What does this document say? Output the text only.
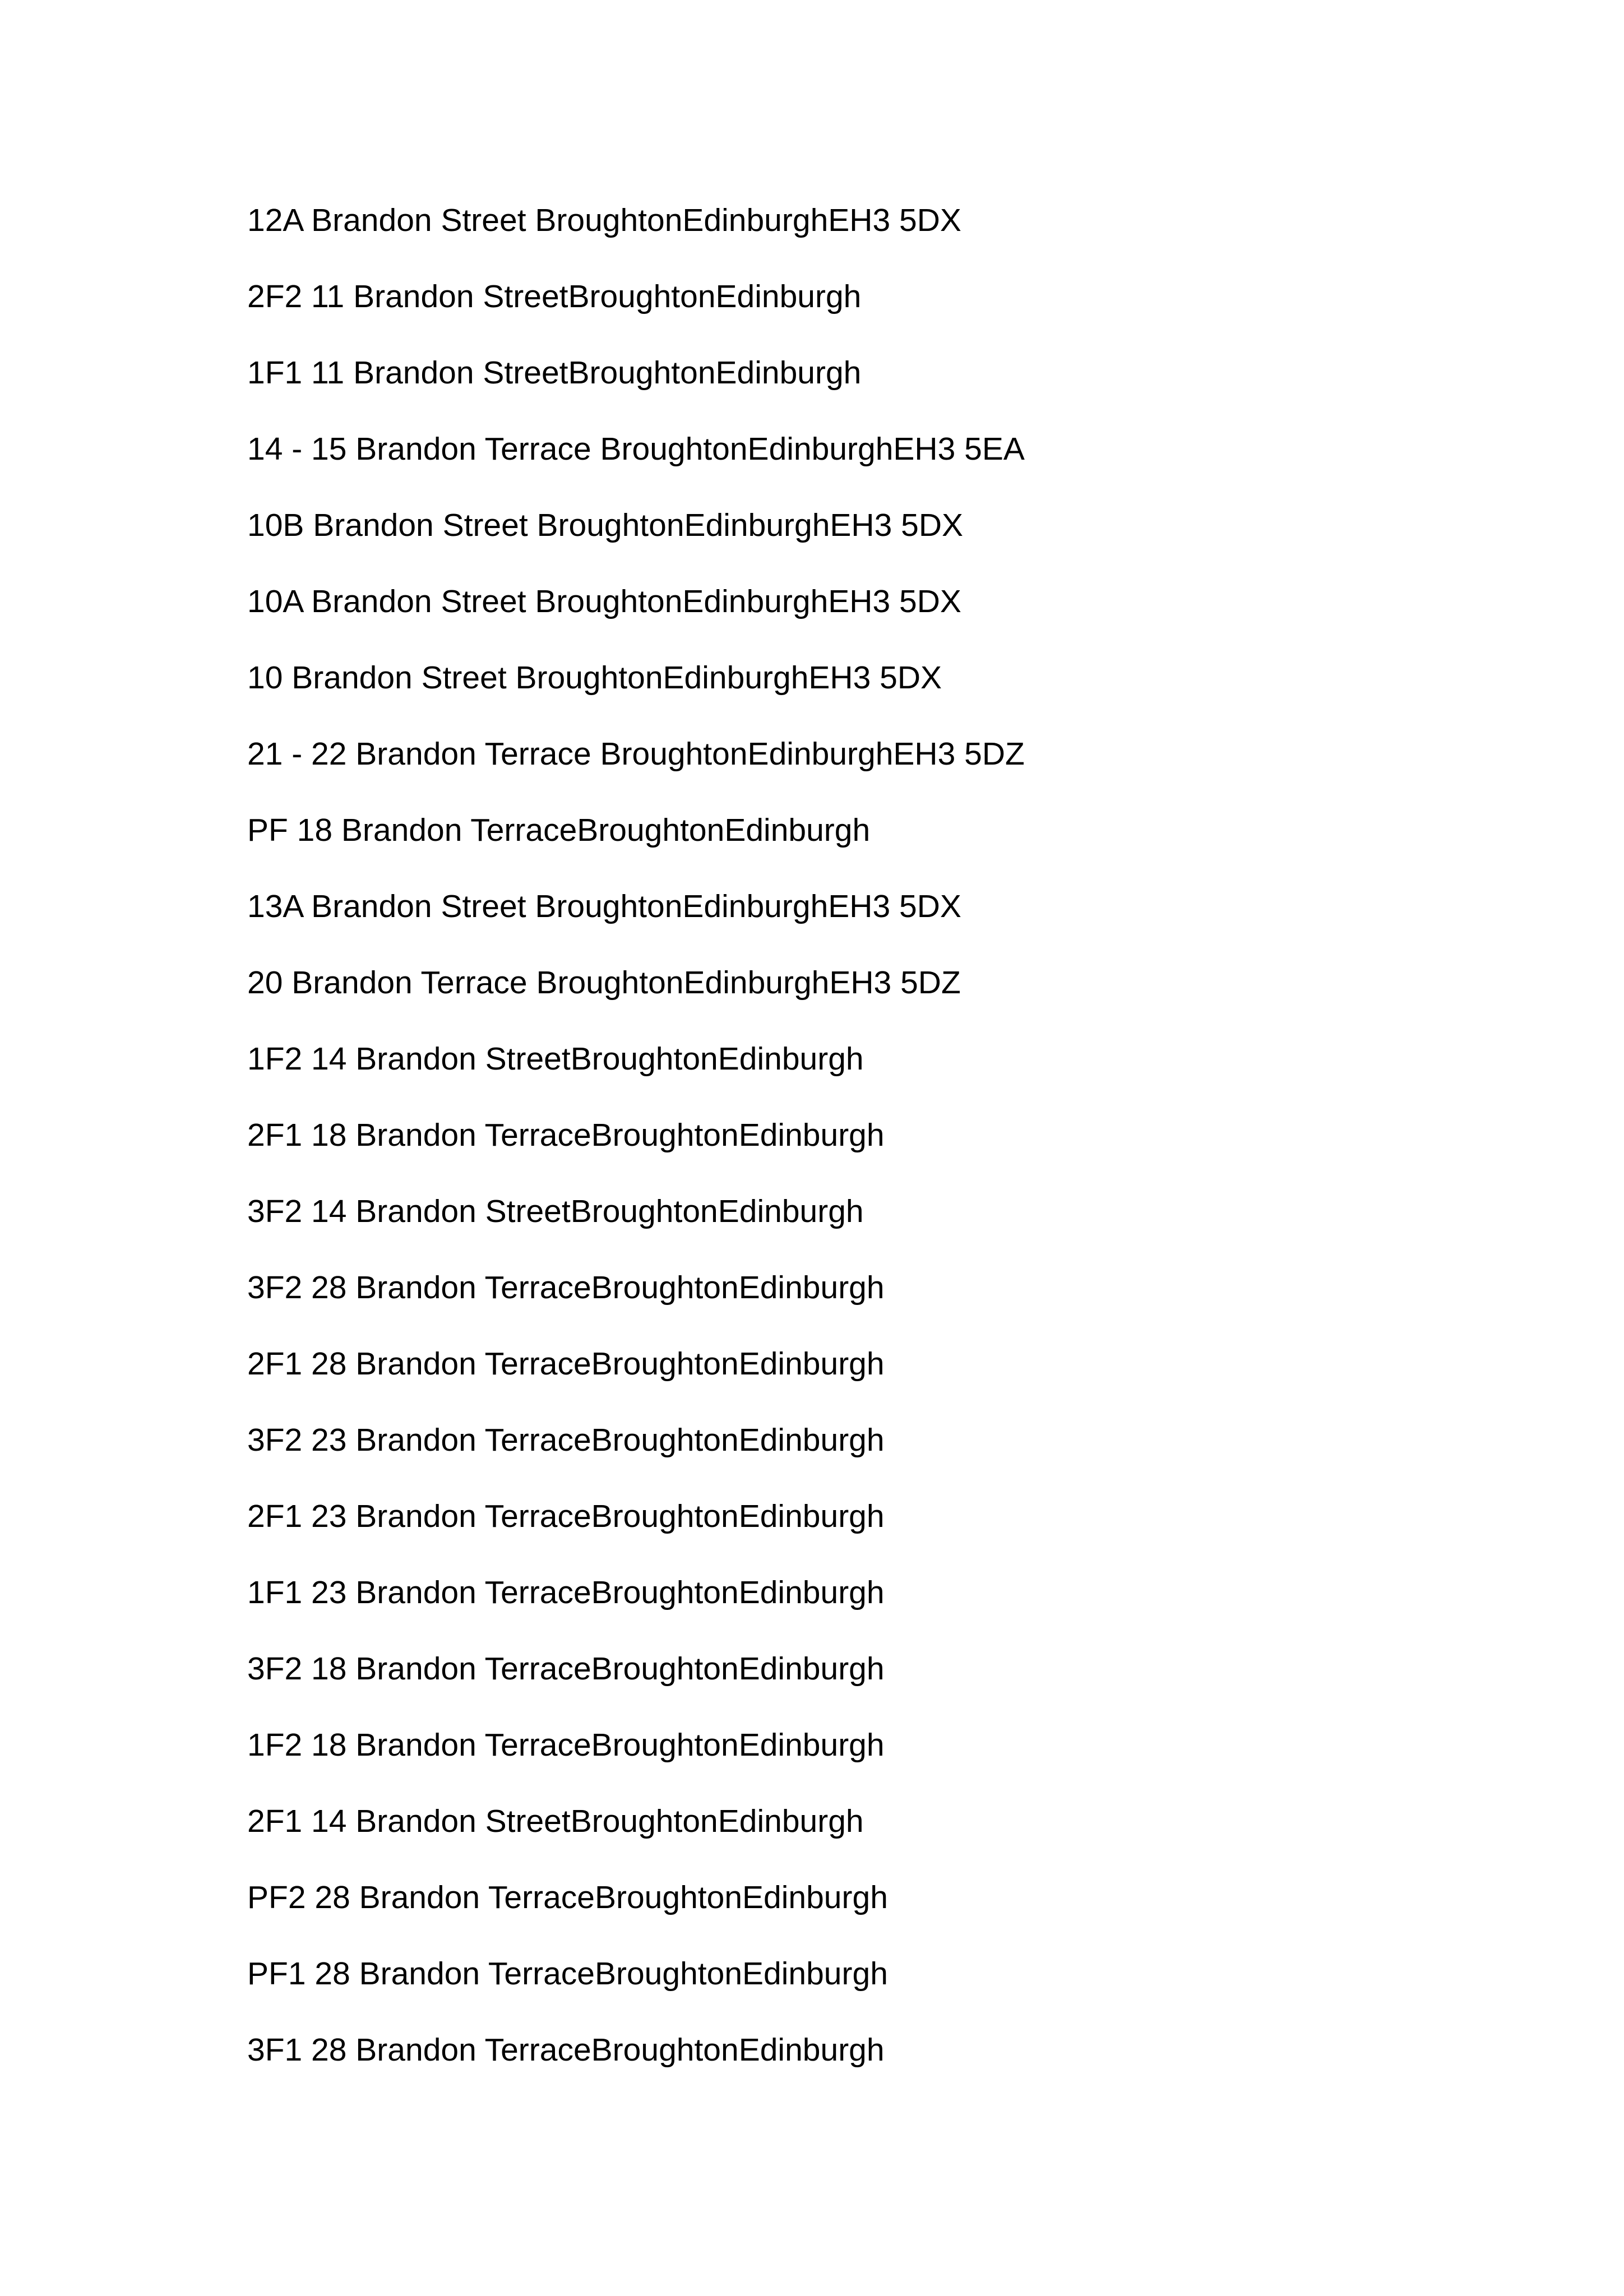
12A Brandon Street BroughtonEdinburghEH3 5DX
2F2 11 Brandon StreetBroughtonEdinburgh
1F1 11 Brandon StreetBroughtonEdinburgh
14 - 15 Brandon Terrace BroughtonEdinburghEH3 5EA
10B Brandon Street BroughtonEdinburghEH3 5DX
10A Brandon Street BroughtonEdinburghEH3 5DX
10 Brandon Street BroughtonEdinburghEH3 5DX
21 - 22 Brandon Terrace BroughtonEdinburghEH3 5DZ
PF 18 Brandon TerraceBroughtonEdinburgh
13A Brandon Street BroughtonEdinburghEH3 5DX
20 Brandon Terrace BroughtonEdinburghEH3 5DZ
1F2 14 Brandon StreetBroughtonEdinburgh
2F1 18 Brandon TerraceBroughtonEdinburgh
3F2 14 Brandon StreetBroughtonEdinburgh
3F2 28 Brandon TerraceBroughtonEdinburgh
2F1 28 Brandon TerraceBroughtonEdinburgh
3F2 23 Brandon TerraceBroughtonEdinburgh
2F1 23 Brandon TerraceBroughtonEdinburgh
1F1 23 Brandon TerraceBroughtonEdinburgh
3F2 18 Brandon TerraceBroughtonEdinburgh
1F2 18 Brandon TerraceBroughtonEdinburgh
2F1 14 Brandon StreetBroughtonEdinburgh
PF2 28 Brandon TerraceBroughtonEdinburgh
PF1 28 Brandon TerraceBroughtonEdinburgh
3F1 28 Brandon TerraceBroughtonEdinburgh
